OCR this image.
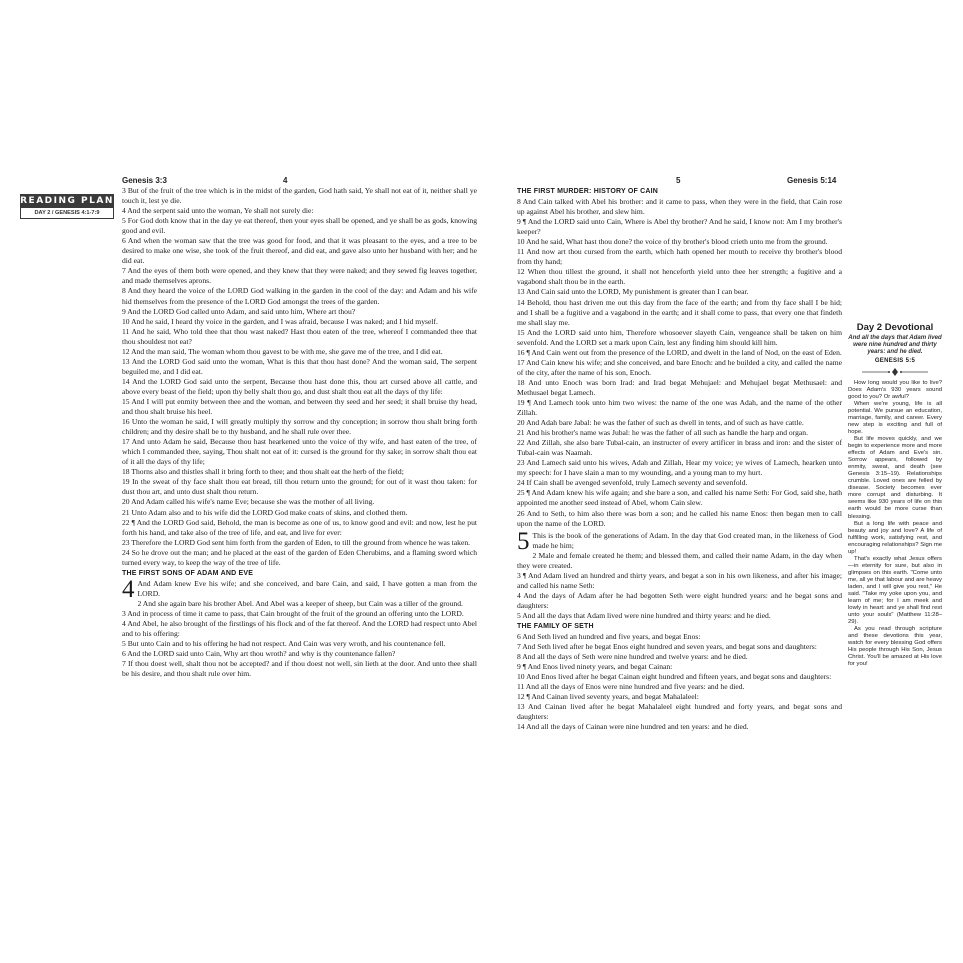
Genesis 3:3	4	5	Genesis 5:14
READING PLAN
DAY 2 / GENESIS 4:1-7:9

3 But of the fruit of the tree which is in the midst of the garden, God hath said, Ye shall not eat of it, neither shall ye touch it, lest ye die.

4 And the serpent said unto the woman, Ye shall not surely die:

5 For God doth know that in the day ye eat thereof, then your eyes shall be opened, and ye shall be as gods, knowing good and evil.

6 And when the woman saw that the tree was good for food, and that it was pleasant to the eyes, and a tree to be desired to make one wise, she took of the fruit thereof, and did eat, and gave also unto her husband with her; and he did eat.

7 And the eyes of them both were opened, and they knew that they were naked; and they sewed fig leaves together, and made themselves aprons.

8 And they heard the voice of the LORD God walking in the garden in the cool of the day: and Adam and his wife hid themselves from the presence of the LORD God amongst the trees of the garden.

9 And the LORD God called unto Adam, and said unto him, Where art thou?

10 And he said, I heard thy voice in the garden, and I was afraid, because I was naked; and I hid myself.

11 And he said, Who told thee that thou wast naked? Hast thou eaten of the tree, whereof I commanded thee that thou shouldest not eat?

12 And the man said, The woman whom thou gavest to be with me, she gave me of the tree, and I did eat.

13 And the LORD God said unto the woman, What is this that thou hast done? And the woman said, The serpent beguiled me, and I did eat.

14 And the LORD God said unto the serpent, Because thou hast done this, thou art cursed above all cattle, and above every beast of the field; upon thy belly shalt thou go, and dust shalt thou eat all the days of thy life:

15 And I will put enmity between thee and the woman, and between thy seed and her seed; it shall bruise thy head, and thou shalt bruise his heel.

16 Unto the woman he said, I will greatly multiply thy sorrow and thy conception; in sorrow thou shalt bring forth children; and thy desire shall be to thy husband, and he shall rule over thee.

17 And unto Adam he said, Because thou hast hearkened unto the voice of thy wife, and hast eaten of the tree, of which I commanded thee, saying, Thou shalt not eat of it: cursed is the ground for thy sake; in sorrow shalt thou eat of it all the days of thy life;

18 Thorns also and thistles shall it bring forth to thee; and thou shalt eat the herb of the field;

19 In the sweat of thy face shalt thou eat bread, till thou return unto the ground; for out of it wast thou taken: for dust thou art, and unto dust shalt thou return.

20 And Adam called his wife's name Eve; because she was the mother of all living.

21 Unto Adam also and to his wife did the LORD God make coats of skins, and clothed them.

22 ¶ And the LORD God said, Behold, the man is become as one of us, to know good and evil: and now, lest he put forth his hand, and take also of the tree of life, and eat, and live for ever:

23 Therefore the LORD God sent him forth from the garden of Eden, to till the ground from whence he was taken.

24 So he drove out the man; and he placed at the east of the garden of Eden Cherubims, and a flaming sword which turned every way, to keep the way of the tree of life.

THE FIRST SONS OF ADAM AND EVE

4 And Adam knew Eve his wife; and she conceived, and bare Cain, and said, I have gotten a man from the LORD.

2 And she again bare his brother Abel. And Abel was a keeper of sheep, but Cain was a tiller of the ground.

3 And in process of time it came to pass, that Cain brought of the fruit of the ground an offering unto the LORD.

4 And Abel, he also brought of the firstlings of his flock and of the fat thereof. And the LORD had respect unto Abel and to his offering:

5 But unto Cain and to his offering he had not respect. And Cain was very wroth, and his countenance fell.

6 And the LORD said unto Cain, Why art thou wroth? and why is thy countenance fallen?

7 If thou doest well, shalt thou not be accepted? and if thou doest not well, sin lieth at the door. And unto thee shall be his desire, and thou shalt rule over him.

THE FIRST MURDER: HISTORY OF CAIN

8 And Cain talked with Abel his brother: and it came to pass, when they were in the field, that Cain rose up against Abel his brother, and slew him.

9 ¶ And the LORD said unto Cain, Where is Abel thy brother? And he said, I know not: Am I my brother's keeper?

10 And he said, What hast thou done? the voice of thy brother's blood crieth unto me from the ground.

11 And now art thou cursed from the earth, which hath opened her mouth to receive thy brother's blood from thy hand;

12 When thou tillest the ground, it shall not henceforth yield unto thee her strength; a fugitive and a vagabond shalt thou be in the earth.

13 And Cain said unto the LORD, My punishment is greater than I can bear.

14 Behold, thou hast driven me out this day from the face of the earth; and from thy face shall I be hid; and I shall be a fugitive and a vagabond in the earth; and it shall come to pass, that every one that findeth me shall slay me.

15 And the LORD said unto him, Therefore whosoever slayeth Cain, vengeance shall be taken on him sevenfold. And the LORD set a mark upon Cain, lest any finding him should kill him.

16 ¶ And Cain went out from the presence of the LORD, and dwelt in the land of Nod, on the east of Eden.

17 And Cain knew his wife; and she conceived, and bare Enoch: and he builded a city, and called the name of the city, after the name of his son, Enoch.

18 And unto Enoch was born Irad: and Irad begat Mehujael: and Mehujael begat Methusael: and Methusael begat Lamech.

19 ¶ And Lamech took unto him two wives: the name of the one was Adah, and the name of the other Zillah.

20 And Adah bare Jabal: he was the father of such as dwell in tents, and of such as have cattle.

21 And his brother's name was Jubal: he was the father of all such as handle the harp and organ.

22 And Zillah, she also bare Tubal-cain, an instructer of every artificer in brass and iron: and the sister of Tubal-cain was Naamah.

23 And Lamech said unto his wives, Adah and Zillah, Hear my voice; ye wives of Lamech, hearken unto my speech: for I have slain a man to my wounding, and a young man to my hurt.

24 If Cain shall be avenged sevenfold, truly Lamech seventy and sevenfold.

25 ¶ And Adam knew his wife again; and she bare a son, and called his name Seth: For God, said she, hath appointed me another seed instead of Abel, whom Cain slew.

26 And to Seth, to him also there was born a son; and he called his name Enos: then began men to call upon the name of the LORD.

5 This is the book of the generations of Adam. In the day that God created man, in the likeness of God made he him;

2 Male and female created he them; and blessed them, and called their name Adam, in the day when they were created.

3 ¶ And Adam lived an hundred and thirty years, and begat a son in his own likeness, and after his image; and called his name Seth:

4 And the days of Adam after he had begotten Seth were eight hundred years: and he begat sons and daughters:

5 And all the days that Adam lived were nine hundred and thirty years: and he died.

THE FAMILY OF SETH

6 And Seth lived an hundred and five years, and begat Enos:

7 And Seth lived after he begat Enos eight hundred and seven years, and begat sons and daughters:

8 And all the days of Seth were nine hundred and twelve years: and he died.

9 ¶ And Enos lived ninety years, and begat Cainan:

10 And Enos lived after he begat Cainan eight hundred and fifteen years, and begat sons and daughters:

11 And all the days of Enos were nine hundred and five years: and he died.

12 ¶ And Cainan lived seventy years, and begat Mahalaleel:

13 And Cainan lived after he begat Mahalaleel eight hundred and forty years, and begat sons and daughters:

14 And all the days of Cainan were nine hundred and ten years: and he died.

Day 2 Devotional
And all the days that Adam lived were nine hundred and thirty years: and he died.
GENESIS 5:5

How long would you like to live? Does Adam's 930 years sound good to you? Or awful?

When we're young, life is all potential. We pursue an education, marriage, family, and career. Every new step is exciting and full of hope.

But life moves quickly, and we begin to experience more and more effects of Adam and Eve's sin. Sorrow appears, followed by enmity, sweat, and death (see Genesis 3:15–19). Relationships crumble. Loved ones are felled by disease. Society becomes ever more corrupt and disturbing. It seems like 930 years of life on this earth would be more curse than blessing.

But a long life with peace and beauty and joy and love? A life of fulfilling work, satisfying rest, and encouraging relationships? Sign me up!

That's exactly what Jesus offers—in eternity for sure, but also in glimpses on this earth. "Come unto me, all ye that labour and are heavy laden, and I will give you rest," He said. "Take my yoke upon you, and learn of me; for I am meek and lowly in heart: and ye shall find rest unto your souls" (Matthew 11:28–29).

As you read through scripture and these devotions this year, watch for every blessing God offers His people through His Son, Jesus Christ. You'll be amazed at His love for you!
